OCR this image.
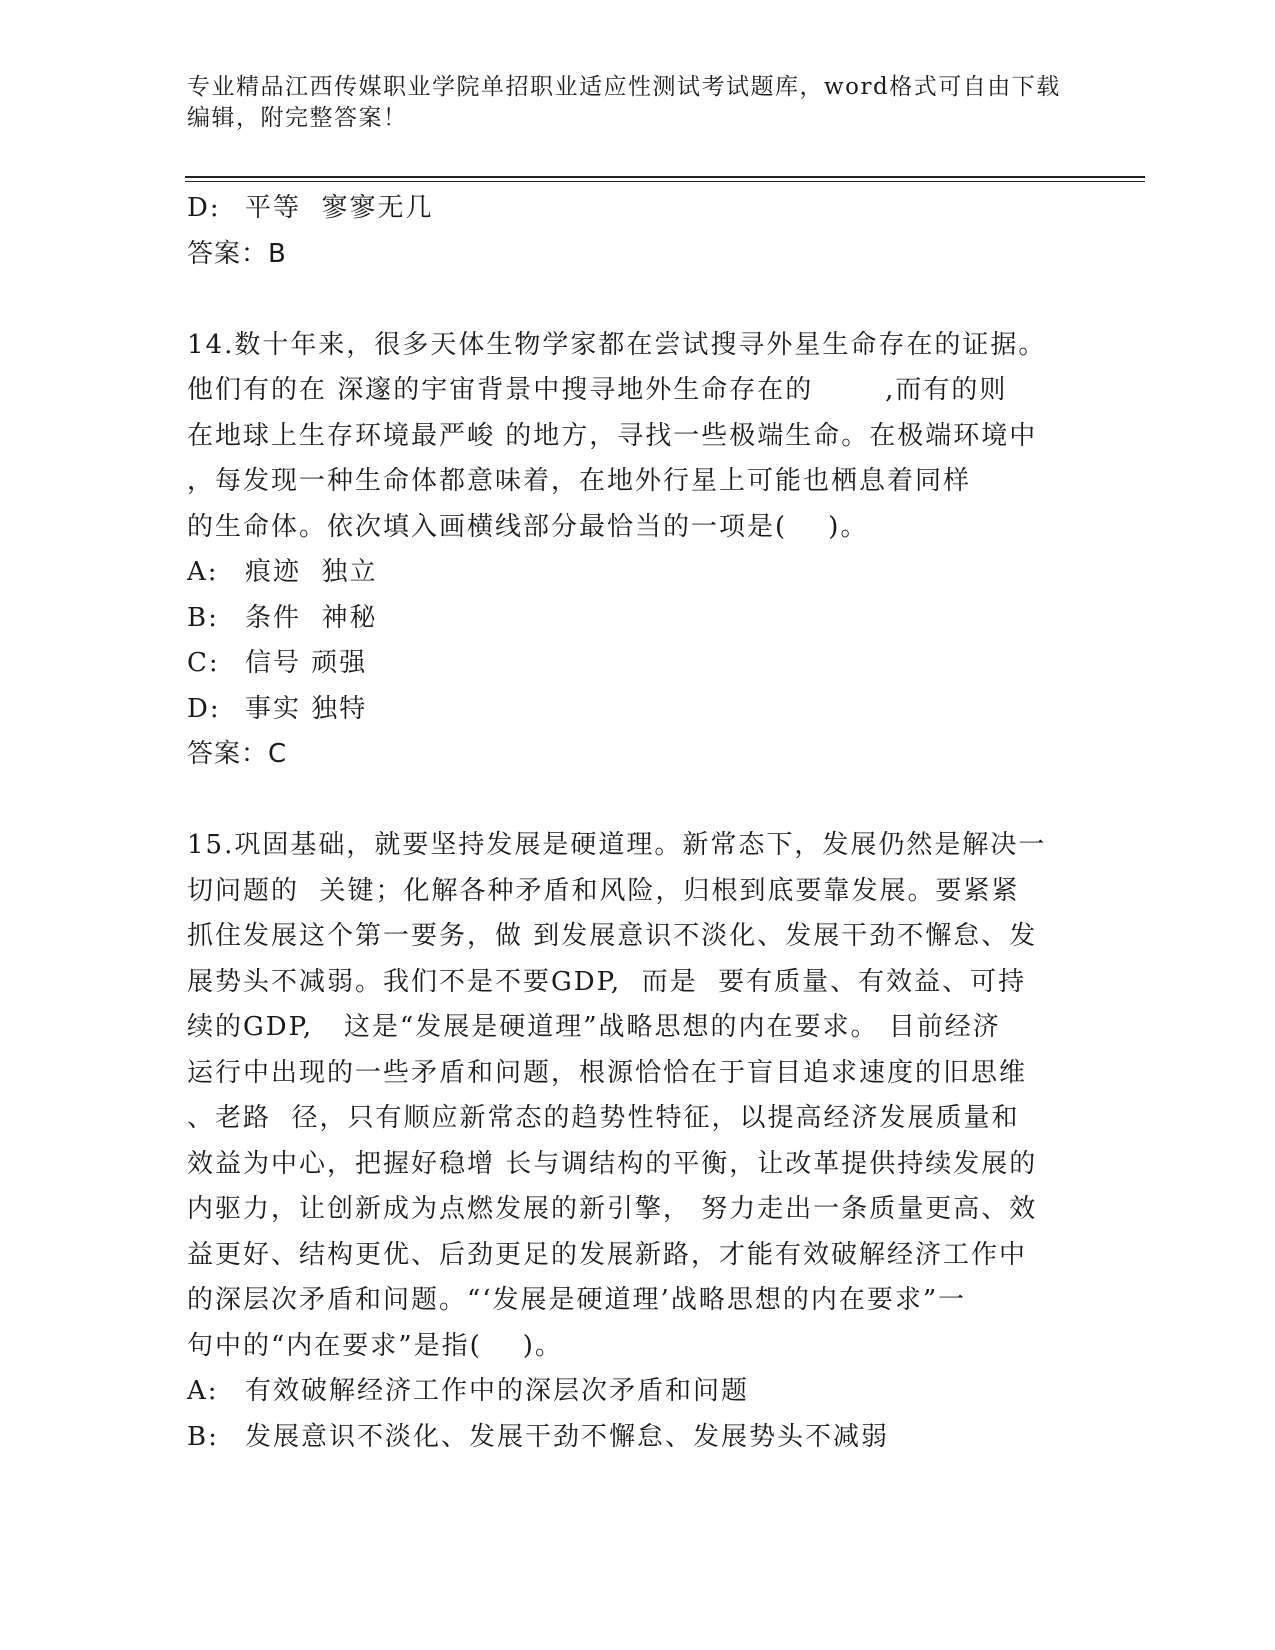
专业精品江西传媒职业学院单招职业适应性测试考试题库，word格式可自由下载
编辑，附完整答案！
D: 平等  寥寥无几
答案：B
14.数十年来，很多天体生物学家都在尝试搜寻外星生命存在的证据。
他们有的在 深邃的宇宙背景中搜寻地外生命存在的       ,而有的则
在地球上生存环境最严峻 的地方，寻找一些极端生命。在极端环境中
，每发现一种生命体都意味着，在地外行星上可能也栖息着同样
的生命体。依次填入画横线部分最恰当的一项是(    )。
A: 痕迹  独立
B: 条件  神秘
C: 信号 顽强
D: 事实 独特
答案：C
15.巩固基础，就要坚持发展是硬道理。新常态下，发展仍然是解决一
切问题的  关键；化解各种矛盾和风险，归根到底要靠发展。要紧紧
抓住发展这个第一要务，做 到发展意识不淡化、发展干劲不懈怠、发
展势头不减弱。我们不是不要GDP,  而是  要有质量、有效益、可持
续的GDP,   这是“发展是硬道理”战略思想的内在要求。 目前经济
运行中出现的一些矛盾和问题，根源恰恰在于盲目追求速度的旧思维
、老路  径，只有顺应新常态的趋势性特征，以提高经济发展质量和
效益为中心，把握好稳增 长与调结构的平衡，让改革提供持续发展的
内驱力，让创新成为点燃发展的新引擎， 努力走出一条质量更高、效
益更好、结构更优、后劲更足的发展新路，才能有效破解经济工作中
的深层次矛盾和问题。“‘发展是硬道理’战略思想的内在要求”一
句中的“内在要求”是指(    )。
A: 有效破解经济工作中的深层次矛盾和问题
B: 发展意识不淡化、发展干劲不懈怠、发展势头不减弱
